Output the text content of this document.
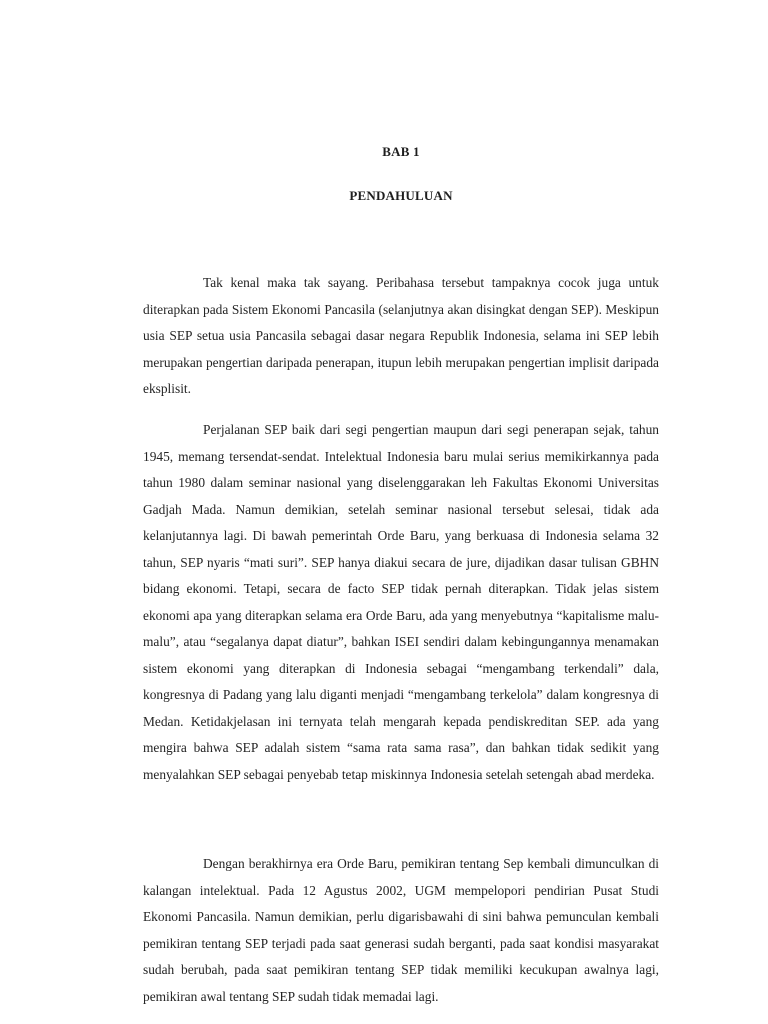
BAB 1
PENDAHULUAN

Tak kenal maka tak sayang. Peribahasa tersebut tampaknya cocok juga untuk diterapkan pada Sistem Ekonomi Pancasila (selanjutnya akan disingkat dengan SEP). Meskipun usia SEP setua usia Pancasila sebagai dasar negara Republik Indonesia, selama ini SEP lebih merupakan pengertian daripada penerapan, itupun lebih merupakan pengertian implisit daripada eksplisit.

Perjalanan SEP baik dari segi pengertian maupun dari segi penerapan sejak, tahun 1945, memang tersendat-sendat. Intelektual Indonesia baru mulai serius memikirkannya pada tahun 1980 dalam seminar nasional yang diselenggarakan leh Fakultas Ekonomi Universitas Gadjah Mada. Namun demikian, setelah seminar nasional tersebut selesai, tidak ada kelanjutannya lagi. Di bawah pemerintah Orde Baru, yang berkuasa di Indonesia selama 32 tahun, SEP nyaris “mati suri”. SEP hanya diakui secara de jure, dijadikan dasar tulisan GBHN bidang ekonomi. Tetapi, secara de facto SEP tidak pernah diterapkan. Tidak jelas sistem ekonomi apa yang diterapkan selama era Orde Baru, ada yang menyebutnya “kapitalisme malu-malu”, atau “segalanya dapat diatur”, bahkan ISEI sendiri dalam kebingungannya menamakan sistem ekonomi yang diterapkan di Indonesia sebagai “mengambang terkendali” dala, kongresnya di Padang yang lalu diganti menjadi “mengambang terkelola” dalam kongresnya di Medan. Ketidakjelasan ini ternyata telah mengarah kepada pendiskreditan SEP. ada yang mengira bahwa SEP adalah sistem “sama rata sama rasa”, dan bahkan tidak sedikit yang menyalahkan SEP sebagai penyebab tetap miskinnya Indonesia setelah setengah abad merdeka.

Dengan berakhirnya era Orde Baru, pemikiran tentang Sep kembali dimunculkan di kalangan intelektual. Pada 12 Agustus 2002, UGM mempelopori pendirian Pusat Studi Ekonomi Pancasila. Namun demikian, perlu digarisbawahi di sini bahwa pemunculan kembali pemikiran tentang SEP terjadi pada saat generasi sudah berganti, pada saat kondisi masyarakat sudah berubah, pada saat pemikiran tentang SEP tidak memiliki kecukupan awalnya lagi, pemikiran awal tentang SEP sudah tidak memadai lagi.
